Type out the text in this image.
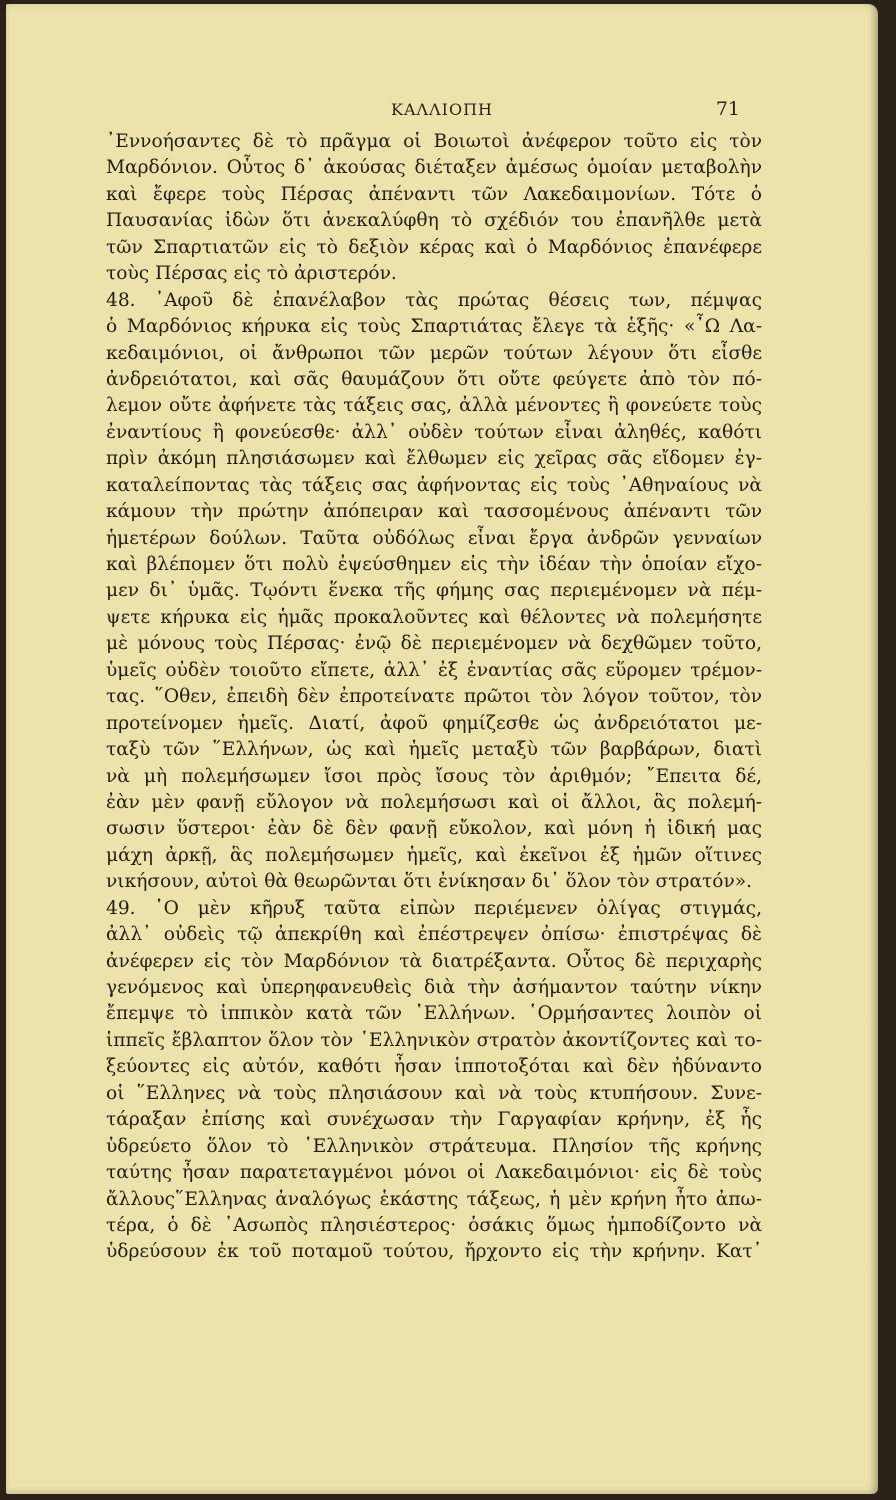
ΚΑΛΛΙΟΠΗ	71
᾽Εννοήσαντες δὲ τὸ πρᾶγμα οἱ Βοιωτοὶ ἀνέφερον τοῦτο εἰς τὸν
Μαρδόνιον. Οὗτος δ᾽ ἀκούσας διέταξεν ἀμέσως ὁμοίαν μεταβολὴν
καὶ ἔφερε τοὺς Πέρσας ἀπέναντι τῶν Λακεδαιμονίων. Τότε ὁ
Παυσανίας ἰδὼν ὅτι ἀνεκαλύφθη τὸ σχέδιόν του ἐπανῆλθε μετὰ
τῶν Σπαρτιατῶν εἰς τὸ δεξιὸν κέρας καὶ ὁ Μαρδόνιος ἐπανέφερε
τοὺς Πέρσας εἰς τὸ ἀριστερόν.
48. ᾽Αφοῦ δὲ ἐπανέλαβον τὰς πρώτας θέσεις των, πέμψας
ὁ Μαρδόνιος κήρυκα εἰς τοὺς Σπαρτιάτας ἔλεγε τὰ ἑξῆς· «῏Ω Λα-
κεδαιμόνιοι, οἱ ἄνθρωποι τῶν μερῶν τούτων λέγουν ὅτι εἶσθε
ἀνδρειότατοι, καὶ σᾶς θαυμάζουν ὅτι οὔτε φεύγετε ἀπὸ τὸν πό-
λεμον οὔτε ἀφήνετε τὰς τάξεις σας, ἀλλὰ μένοντες ἢ φονεύετε τοὺς
ἐναντίους ἢ φονεύεσθε· ἀλλ᾽ οὐδὲν τούτων εἶναι ἀληθές, καθότι
πρὶν ἀκόμη πλησιάσωμεν καὶ ἔλθωμεν εἰς χεῖρας σᾶς εἴδομεν ἐγ-
καταλείποντας τὰς τάξεις σας ἀφήνοντας εἰς τοὺς ᾽Αθηναίους νὰ
κάμουν τὴν πρώτην ἀπόπειραν καὶ τασσομένους ἀπέναντι τῶν
ἡμετέρων δούλων. Ταῦτα οὐδόλως εἶναι ἔργα ἀνδρῶν γενναίων
καὶ βλέπομεν ὅτι πολὺ ἐψεύσθημεν εἰς τὴν ἰδέαν τὴν ὁποίαν εἴχο-
μεν δι᾽ ὑμᾶς. Τῳόντι ἕνεκα τῆς φήμης σας περιεμένομεν νὰ πέμ-
ψετε κήρυκα εἰς ἡμᾶς προκαλοῦντες καὶ θέλοντες νὰ πολεμήσητε
μὲ μόνους τοὺς Πέρσας· ἐνῷ δὲ περιεμένομεν νὰ δεχθῶμεν τοῦτο,
ὑμεῖς οὐδὲν τοιοῦτο εἴπετε, ἀλλ᾽ ἐξ ἐναντίας σᾶς εὕρομεν τρέμον-
τας. ῞Οθεν, ἐπειδὴ δὲν ἐπροτείνατε πρῶτοι τὸν λόγον τοῦτον, τὸν
προτείνομεν ἡμεῖς. Διατί, ἀφοῦ φημίζεσθε ὡς ἀνδρειότατοι με-
ταξὺ τῶν ῞Ελλήνων, ὡς καὶ ἡμεῖς μεταξὺ τῶν βαρβάρων, διατὶ
νὰ μὴ πολεμήσωμεν ἴσοι πρὸς ἴσους τὸν ἀριθμόν; ῎Επειτα δέ,
ἐὰν μὲν φανῇ εὔλογον νὰ πολεμήσωσι καὶ οἱ ἄλλοι, ἃς πολεμή-
σωσιν ὕστεροι· ἐὰν δὲ δὲν φανῇ εὔκολον, καὶ μόνη ἡ ἰδική μας
μάχη ἀρκῇ, ἃς πολεμήσωμεν ἡμεῖς, καὶ ἐκεῖνοι ἐξ ἡμῶν οἵτινες
νικήσουν, αὐτοὶ θὰ θεωρῶνται ὅτι ἐνίκησαν δι᾽ ὅλον τὸν στρατόν».
49. ῾Ο μὲν κῆρυξ ταῦτα εἰπὼν περιέμενεν ὀλίγας στιγμάς,
ἀλλ᾽ οὐδεὶς τῷ ἀπεκρίθη καὶ ἐπέστρεψεν ὀπίσω· ἐπιστρέψας δὲ
ἀνέφερεν εἰς τὸν Μαρδόνιον τὰ διατρέξαντα. Οὗτος δὲ περιχαρὴς
γενόμενος καὶ ὑπερηφανευθεὶς διὰ τὴν ἀσήμαντον ταύτην νίκην
ἔπεμψε τὸ ἱππικὸν κατὰ τῶν ῾Ελλήνων. ῾Ορμήσαντες λοιπὸν οἱ
ἱππεῖς ἔβλαπτον ὅλον τὸν ῾Ελληνικὸν στρατὸν ἀκοντίζοντες καὶ το-
ξεύοντες εἰς αὐτόν, καθότι ἦσαν ἱπποτοξόται καὶ δὲν ἠδύναντο
οἱ ῞Ελληνες νὰ τοὺς πλησιάσουν καὶ νὰ τοὺς κτυπήσουν. Συνε-
τάραξαν ἐπίσης καὶ συνέχωσαν τὴν Γαργαφίαν κρήνην, ἐξ ἧς
ὑδρεύετο ὅλον τὸ ῾Ελληνικὸν στράτευμα. Πλησίον τῆς κρήνης
ταύτης ἦσαν παρατεταγμένοι μόνοι οἱ Λακεδαιμόνιοι· εἰς δὲ τοὺς
ἄλλους῞Ελληνας ἀναλόγως ἑκάστης τάξεως, ἡ μὲν κρήνη ἦτο ἀπω-
τέρα, ὁ δὲ ᾽Ασωπὸς πλησιέστερος· ὁσάκις ὅμως ἠμποδίζοντο νὰ
ὑδρεύσουν ἐκ τοῦ ποταμοῦ τούτου, ἤρχοντο εἰς τὴν κρήνην. Κατ᾽
